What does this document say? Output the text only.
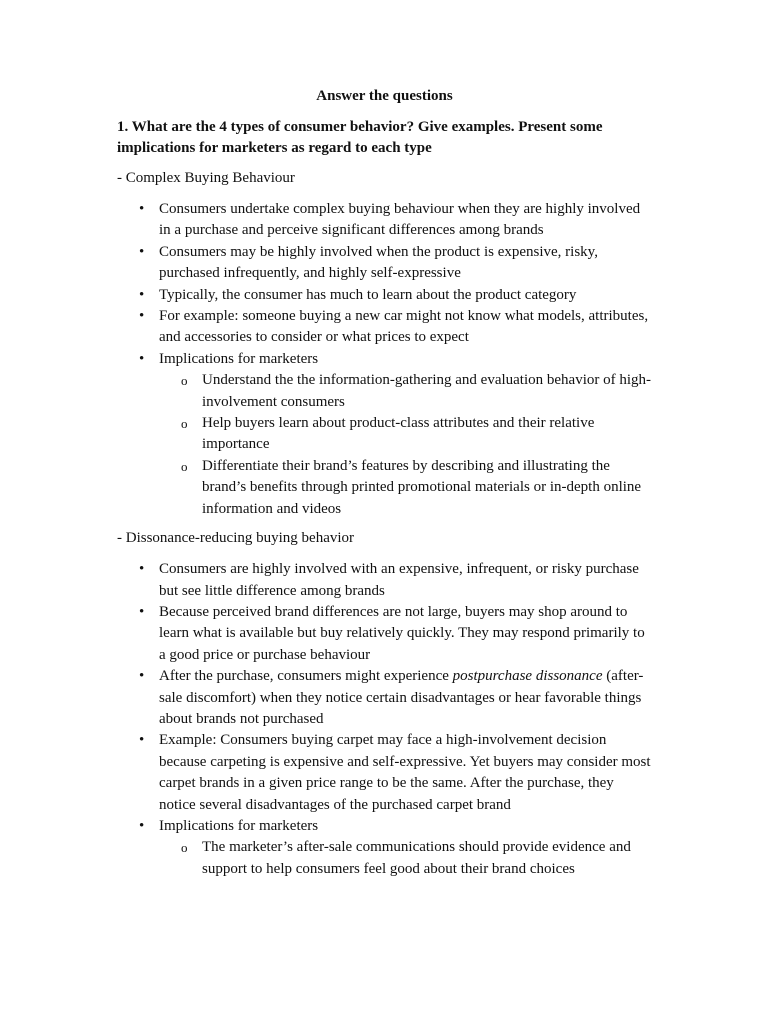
Answer the questions
1. What are the 4 types of consumer behavior? Give examples. Present some implications for marketers as regard to each type
- Complex Buying Behaviour
• Consumers undertake complex buying behaviour when they are highly involved in a purchase and perceive significant differences among brands
• Consumers may be highly involved when the product is expensive, risky, purchased infrequently, and highly self-expressive
• Typically, the consumer has much to learn about the product category
• For example: someone buying a new car might not know what models, attributes, and accessories to consider or what prices to expect
• Implications for marketers
o Understand the the information-gathering and evaluation behavior of high-involvement consumers
o Help buyers learn about product-class attributes and their relative importance
o Differentiate their brand’s features by describing and illustrating the brand’s benefits through printed promotional materials or in-depth online information and videos
- Dissonance-reducing buying behavior
• Consumers are highly involved with an expensive, infrequent, or risky purchase but see little difference among brands
• Because perceived brand differences are not large, buyers may shop around to learn what is available but buy relatively quickly. They may respond primarily to a good price or purchase behaviour
• After the purchase, consumers might experience postpurchase dissonance (after-sale discomfort) when they notice certain disadvantages or hear favorable things about brands not purchased
• Example: Consumers buying carpet may face a high-involvement decision because carpeting is expensive and self-expressive. Yet buyers may consider most carpet brands in a given price range to be the same. After the purchase, they notice several disadvantages of the purchased carpet brand
• Implications for marketers
o The marketer’s after-sale communications should provide evidence and support to help consumers feel good about their brand choices
